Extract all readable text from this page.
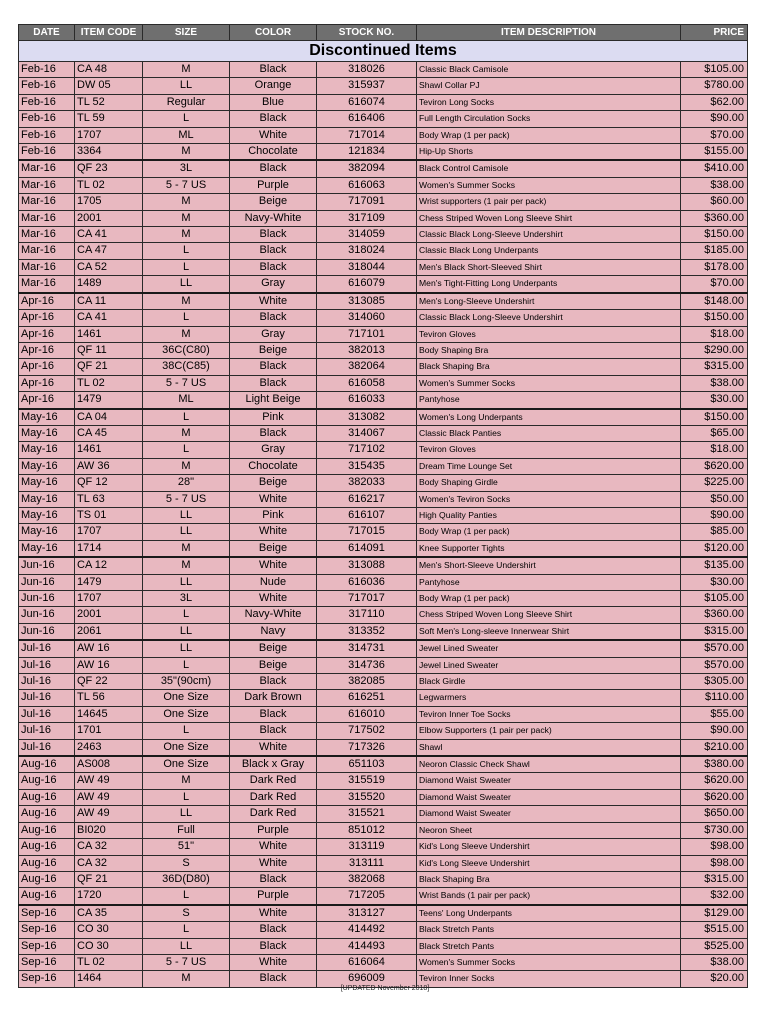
DATE	ITEM CODE	SIZE	COLOR	STOCK NO.	ITEM DESCRIPTION	PRICE
Discontinued Items						
Feb-16	CA 48	M	Black	318026	Classic Black Camisole	$105.00
Feb-16	DW 05	LL	Orange	315937	Shawl Collar PJ	$780.00
Feb-16	TL 52	Regular	Blue	616074	Teviron Long Socks	$62.00
Feb-16	TL 59	L	Black	616406	Full Length Circulation Socks	$90.00
Feb-16	1707	ML	White	717014	Body Wrap (1 per pack)	$70.00
Feb-16	3364	M	Chocolate	121834	Hip-Up Shorts	$155.00
Mar-16	QF 23	3L	Black	382094	Black Control Camisole	$410.00
Mar-16	TL 02	5 - 7 US	Purple	616063	Women's Summer Socks	$38.00
Mar-16	1705	M	Beige	717091	Wrist supporters (1 pair per pack)	$60.00
Mar-16	2001	M	Navy-White	317109	Chess Striped Woven Long Sleeve Shirt	$360.00
Mar-16	CA 41	M	Black	314059	Classic Black Long-Sleeve Undershirt	$150.00
Mar-16	CA 47	L	Black	318024	Classic Black Long Underpants	$185.00
Mar-16	CA 52	L	Black	318044	Men's Black Short-Sleeved Shirt	$178.00
Mar-16	1489	LL	Gray	616079	Men's Tight-Fitting Long Underpants	$70.00
Apr-16	CA 11	M	White	313085	Men's Long-Sleeve Undershirt	$148.00
Apr-16	CA 41	L	Black	314060	Classic Black Long-Sleeve Undershirt	$150.00
Apr-16	1461	M	Gray	717101	Teviron Gloves	$18.00
Apr-16	QF 11	36C(C80)	Beige	382013	Body Shaping Bra	$290.00
Apr-16	QF 21	38C(C85)	Black	382064	Black Shaping Bra	$315.00
Apr-16	TL 02	5 - 7 US	Black	616058	Women's Summer Socks	$38.00
Apr-16	1479	ML	Light Beige	616033	Pantyhose	$30.00
May-16	CA 04	L	Pink	313082	Women's Long Underpants	$150.00
May-16	CA 45	M	Black	314067	Classic Black Panties	$65.00
May-16	1461	L	Gray	717102	Teviron Gloves	$18.00
May-16	AW 36	M	Chocolate	315435	Dream Time Lounge Set	$620.00
May-16	QF 12	28"	Beige	382033	Body Shaping Girdle	$225.00
May-16	TL 63	5 - 7 US	White	616217	Women's Teviron Socks	$50.00
May-16	TS 01	LL	Pink	616107	High Quality Panties	$90.00
May-16	1707	LL	White	717015	Body Wrap (1 per pack)	$85.00
May-16	1714	M	Beige	614091	Knee Supporter Tights	$120.00
Jun-16	CA 12	M	White	313088	Men's Short-Sleeve Undershirt	$135.00
Jun-16	1479	LL	Nude	616036	Pantyhose	$30.00
Jun-16	1707	3L	White	717017	Body Wrap (1 per pack)	$105.00
Jun-16	2001	L	Navy-White	317110	Chess Striped Woven Long Sleeve Shirt	$360.00
Jun-16	2061	LL	Navy	313352	Soft Men's Long-sleeve Innerwear Shirt	$315.00
Jul-16	AW 16	LL	Beige	314731	Jewel Lined Sweater	$570.00
Jul-16	AW 16	L	Beige	314736	Jewel Lined Sweater	$570.00
Jul-16	QF 22	35"(90cm)	Black	382085	Black Girdle	$305.00
Jul-16	TL 56	One Size	Dark Brown	616251	Legwarmers	$110.00
Jul-16	14645	One Size	Black	616010	Teviron Inner Toe Socks	$55.00
Jul-16	1701	L	Black	717502	Elbow Supporters (1 pair per pack)	$90.00
Jul-16	2463	One Size	White	717326	Shawl	$210.00
Aug-16	AS008	One Size	Black x Gray	651103	Neoron Classic Check Shawl	$380.00
Aug-16	AW 49	M	Dark Red	315519	Diamond Waist Sweater	$620.00
Aug-16	AW 49	L	Dark Red	315520	Diamond Waist Sweater	$620.00
Aug-16	AW 49	LL	Dark Red	315521	Diamond Waist Sweater	$650.00
Aug-16	BI020	Full	Purple	851012	Neoron Sheet	$730.00
Aug-16	CA 32	51"	White	313119	Kid's Long Sleeve Undershirt	$98.00
Aug-16	CA 32	S	White	313111	Kid's Long Sleeve Undershirt	$98.00
Aug-16	QF 21	36D(D80)	Black	382068	Black Shaping Bra	$315.00
Aug-16	1720	L	Purple	717205	Wrist Bands (1 pair per pack)	$32.00
Sep-16	CA 35	S	White	313127	Teens' Long Underpants	$129.00
Sep-16	CO 30	L	Black	414492	Black Stretch Pants	$515.00
Sep-16	CO 30	LL	Black	414493	Black Stretch Pants	$525.00
Sep-16	TL 02	5 - 7 US	White	616064	Women's Summer Socks	$38.00
Sep-16	1464	M	Black	696009	Teviron Inner Socks	$20.00
[UPDATED November 2018]
